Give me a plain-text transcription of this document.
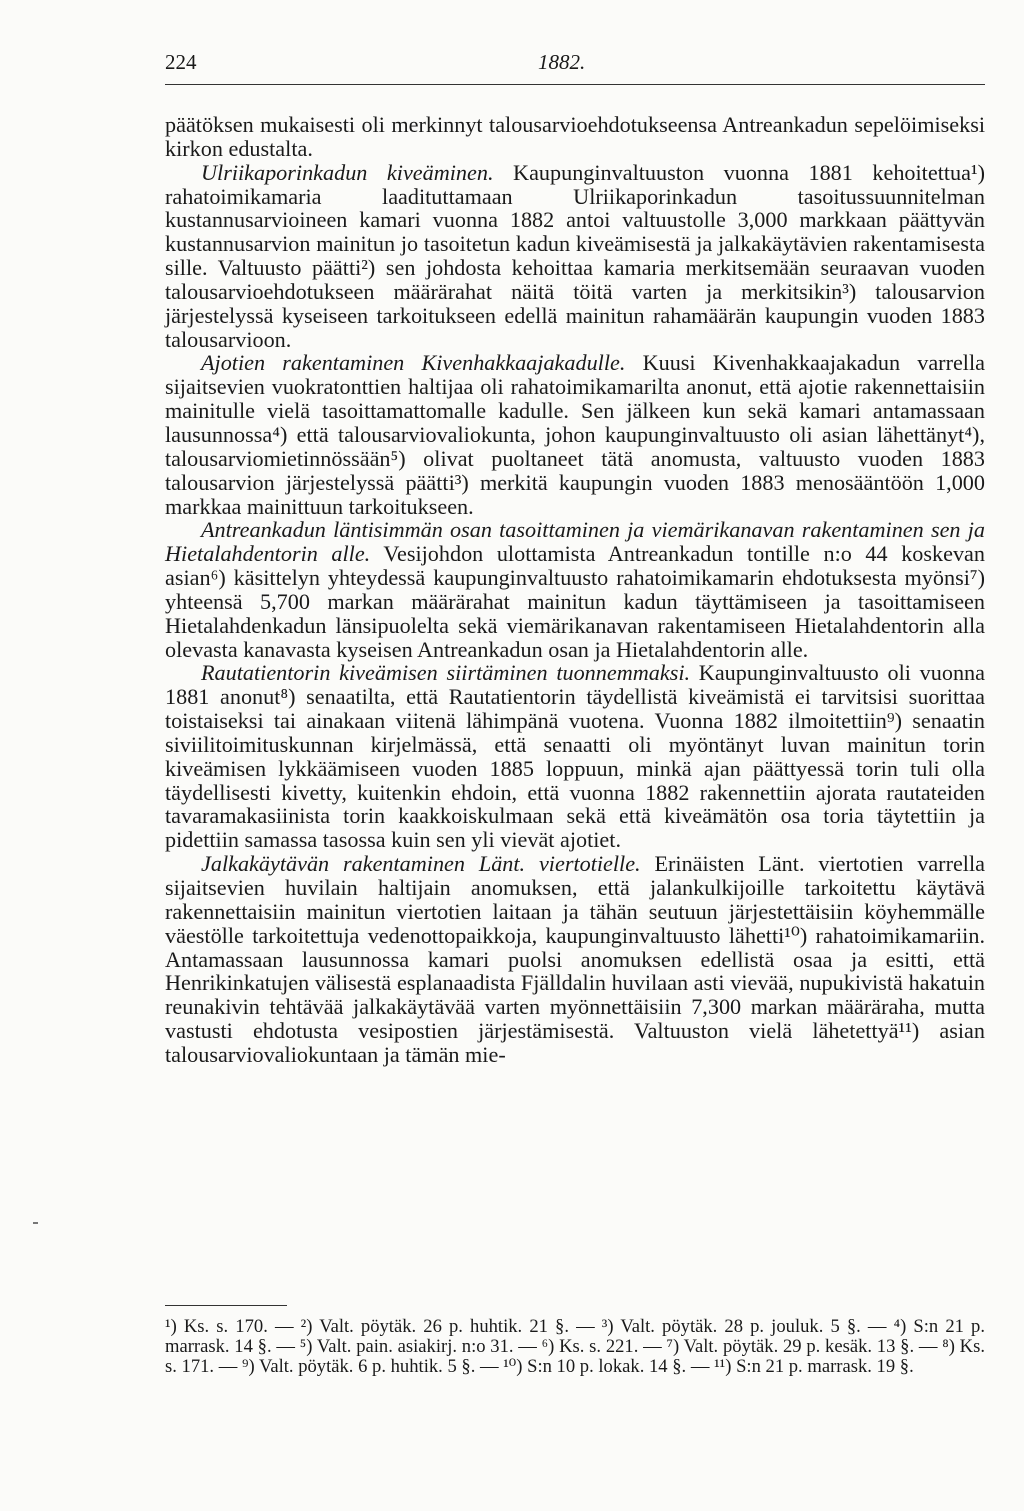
224	1882.

päätöksen mukaisesti oli merkinnyt talousarvioehdotukseensa Antreankadun sepelöimiseksi kirkon edustalta.

Ulriikaporinkadun kiveäminen. Kaupunginvaltuuston vuonna 1881 kehoitettua¹) rahatoimikamaria laadituttamaan Ulriikaporinkadun tasoitussuunnitelman kustannusarvioineen kamari vuonna 1882 antoi valtuustolle 3,000 markkaan päättyvän kustannusarvion mainitun jo tasoitetun kadun kiveämisestä ja jalkakäytävien rakentamisesta sille. Valtuusto päätti²) sen johdosta kehoittaa kamaria merkitsemään seuraavan vuoden talousarvioehdotukseen määrärahat näitä töitä varten ja merkitsikin³) talousarvion järjestelyssä kyseiseen tarkoitukseen edellä mainitun rahamäärän kaupungin vuoden 1883 talousarvioon.

Ajotien rakentaminen Kivenhakkaajakadulle. Kuusi Kivenhakkaajakadun varrella sijaitsevien vuokratonttien haltijaa oli rahatoimikamarilta anonut, että ajotie rakennettaisiin mainitulle vielä tasoittamattomalle kadulle. Sen jälkeen kun sekä kamari antamassaan lausunnossa⁴) että talousarviovaliokunta, johon kaupunginvaltuusto oli asian lähettänyt⁴), talousarviomietinnössään⁵) olivat puoltaneet tätä anomusta, valtuusto vuoden 1883 talousarvion järjestelyssä päätti³) merkitä kaupungin vuoden 1883 menosääntöön 1,000 markkaa mainittuun tarkoitukseen.

Antreankadun läntisimmän osan tasoittaminen ja viemärikanavan rakentaminen sen ja Hietalahdentorin alle. Vesijohdon ulottamista Antreankadun tontille n:o 44 koskevan asian⁶) käsittelyn yhteydessä kaupunginvaltuusto rahatoimikamarin ehdotuksesta myönsi⁷) yhteensä 5,700 markan määrärahat mainitun kadun täyttämiseen ja tasoittamiseen Hietalahdenkadun länsipuolelta sekä viemärikanavan rakentamiseen Hietalahdentorin alla olevasta kanavasta kyseisen Antreankadun osan ja Hietalahdentorin alle.

Rautatientorin kiveämisen siirtäminen tuonnemmaksi. Kaupunginvaltuusto oli vuonna 1881 anonut⁸) senaatilta, että Rautatientorin täydellistä kiveämistä ei tarvitsisi suorittaa toistaiseksi tai ainakaan viitenä lähimpänä vuotena. Vuonna 1882 ilmoitettiin⁹) senaatin siviilitoimituskunnan kirjelmässä, että senaatti oli myöntänyt luvan mainitun torin kiveämisen lykkäämiseen vuoden 1885 loppuun, minkä ajan päättyessä torin tuli olla täydellisesti kivetty, kuitenkin ehdoin, että vuonna 1882 rakennettiin ajorata rautateiden tavaramakasiinista torin kaakkoiskulmaan sekä että kiveämätön osa toria täytettiin ja pidettiin samassa tasossa kuin sen yli vievät ajotiet.

Jalkakäytävän rakentaminen Länt. viertotielle. Erinäisten Länt. viertotien varrella sijaitsevien huvilain haltijain anomuksen, että jalankulkijoille tarkoitettu käytävä rakennettaisiin mainitun viertotien laitaan ja tähän seutuun järjestettäisiin köyhemmälle väestölle tarkoitettuja vedenottopaikkoja, kaupunginvaltuusto lähetti¹⁰) rahatoimikamariin. Antamassaan lausunnossa kamari puolsi anomuksen edellistä osaa ja esitti, että Henrikinkatujen välisestä esplanaadista Fjälldalin huvilaan asti vievää, nupukivistä hakatuin reunakivin tehtävää jalkakäytävää varten myönnettäisiin 7,300 markan määräraha, mutta vastusti ehdotusta vesipostien järjestämisestä. Valtuuston vielä lähetettyä¹¹) asian talousarviovaliokuntaan ja tämän mie-

¹) Ks. s. 170. — ²) Valt. pöytäk. 26 p. huhtik. 21 §. — ³) Valt. pöytäk. 28 p. jouluk. 5 §. — ⁴) S:n 21 p. marrask. 14 §. — ⁵) Valt. pain. asiakirj. n:o 31. — ⁶) Ks. s. 221. — ⁷) Valt. pöytäk. 29 p. kesäk. 13 §. — ⁸) Ks. s. 171. — ⁹) Valt. pöytäk. 6 p. huhtik. 5 §. — ¹⁰) S:n 10 p. lokak. 14 §. — ¹¹) S:n 21 p. marrask. 19 §.
